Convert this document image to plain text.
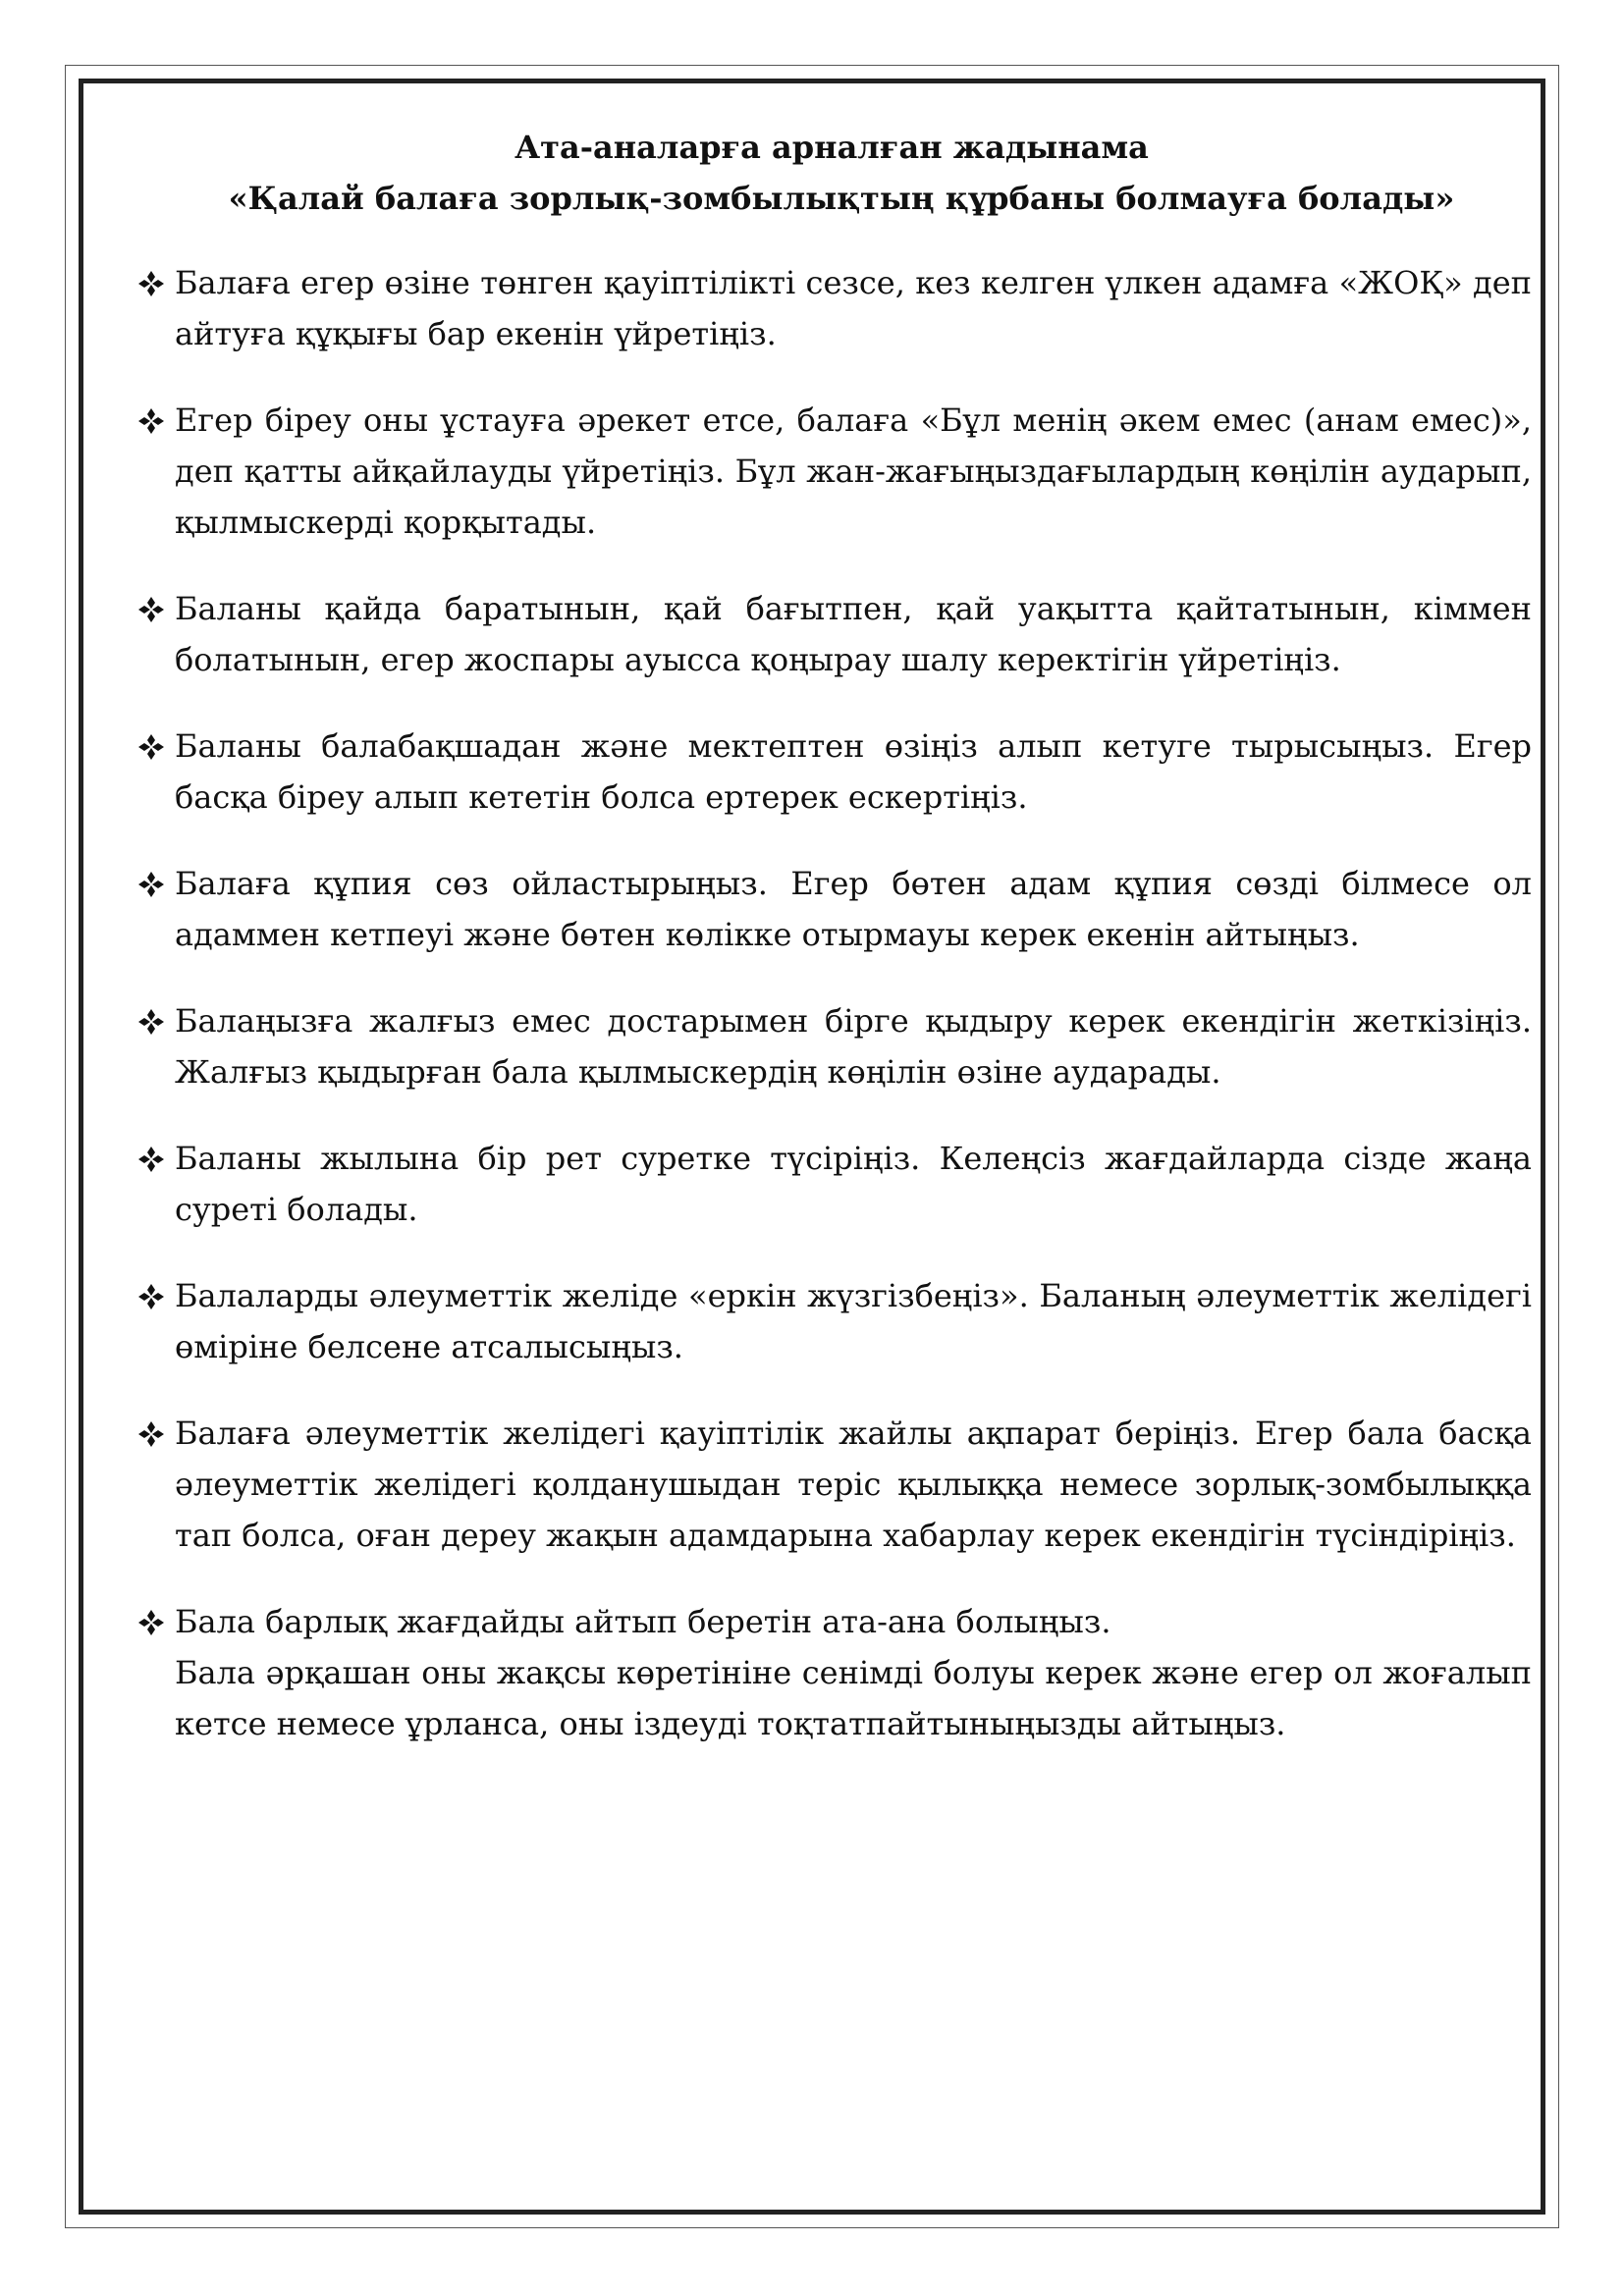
Ата-аналарға арналған жадынама
«Қалай балаға зорлық-зомбылықтың құрбаны болмауға болады»
Балаға егер өзіне төнген қауіптілікті сезсе, кез келген үлкен адамға «ЖОҚ» деп айтуға құқығы бар екенін үйретіңіз.
Егер біреу оны ұстауға әрекет етсе, балаға «Бұл менің әкем емес (анам емес)», деп қатты айқайлауды үйретіңіз. Бұл жан-жағыңыздағылардың көңілін аударып, қылмыскерді қорқытады.
Баланы қайда баратынын, қай бағытпен, қай уақытта қайтатынын, кіммен болатынын, егер жоспары ауысса қоңырау шалу керектігін үйретіңіз.
Баланы балабақшадан және мектептен өзіңіз алып кетуге тырысыңыз. Егер басқа біреу алып кететін болса ертерек ескертіңіз.
Балаға құпия сөз ойластырыңыз. Егер бөтен адам құпия сөзді білмесе ол адаммен кетпеуі және бөтен көлікке отырмауы керек екенін айтыңыз.
Балаңызға жалғыз емес достарымен бірге қыдыру керек екендігін жеткізіңіз. Жалғыз қыдырған бала қылмыскердің көңілін өзіне аударады.
Баланы жылына бір рет суретке түсіріңіз. Келеңсіз жағдайларда сізде жаңа суреті болады.
Балаларды әлеуметтік желіде «еркін жүзгізбеңіз». Баланың әлеуметтік желідегі өміріне белсене атсалысыңыз.
Балаға әлеуметтік желідегі қауіптілік жайлы ақпарат беріңіз. Егер бала басқа әлеуметтік желідегі қолданушыдан теріс қылыққа немесе зорлық-зомбылыққа тап болса, оған дереу жақын адамдарына хабарлау керек екендігін түсіндіріңіз.
Бала барлық жағдайды айтып беретін ата-ана болыңыз.
Бала әрқашан оны жақсы көретініне сенімді болуы керек және егер ол жоғалып кетсе немесе ұрланса, оны іздеуді тоқтатпайтыныңызды айтыңыз.
